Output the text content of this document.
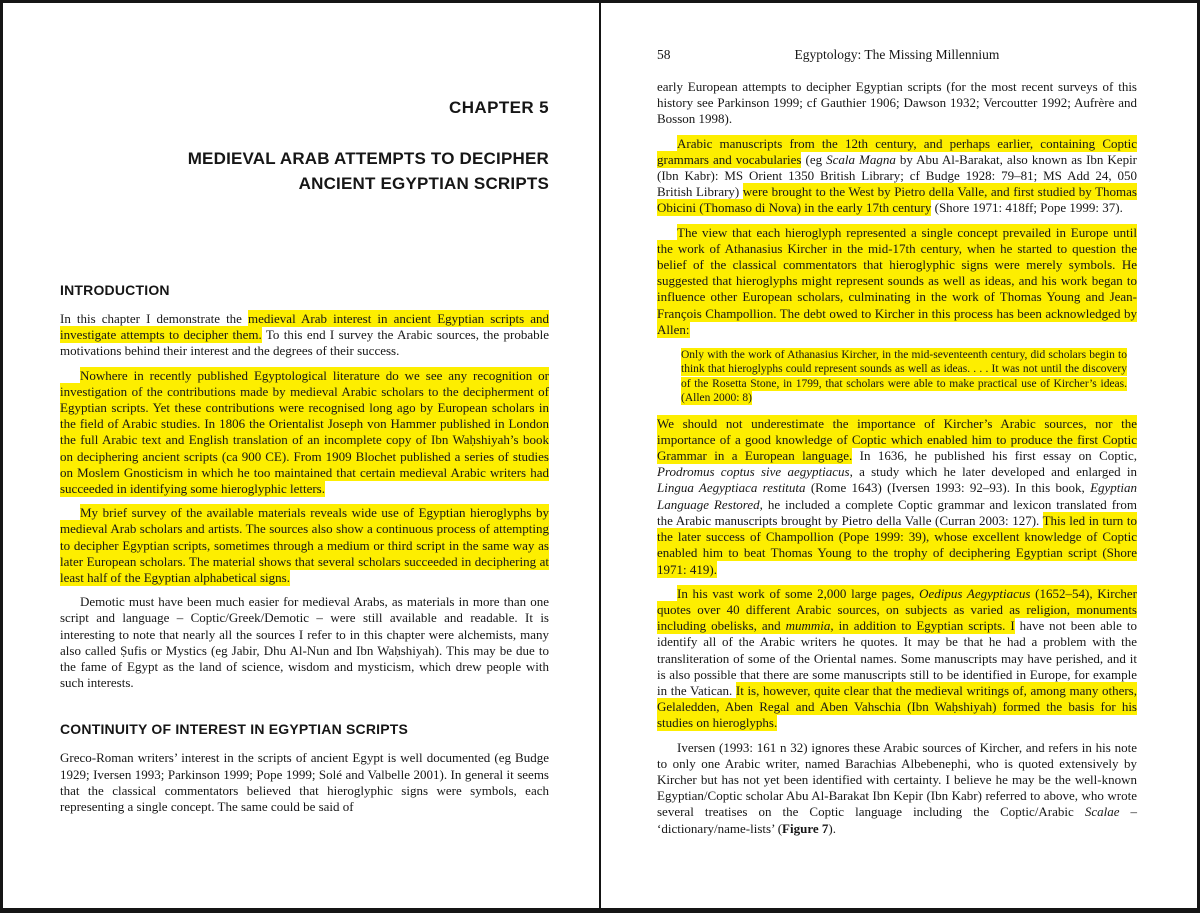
CHAPTER 5
MEDIEVAL ARAB ATTEMPTS TO DECIPHER
ANCIENT EGYPTIAN SCRIPTS
INTRODUCTION

In this chapter I demonstrate the medieval Arab interest in ancient Egyptian scripts and investigate attempts to decipher them. To this end I survey the Arabic sources, the probable motivations behind their interest and the degrees of their success.

Nowhere in recently published Egyptological literature do we see any recognition or investigation of the contributions made by medieval Arabic scholars to the decipherment of Egyptian scripts. Yet these contributions were recognised long ago by European scholars in the field of Arabic studies. In 1806 the Orientalist Joseph von Hammer published in London the full Arabic text and English translation of an incomplete copy of Ibn Waḥshiyah’s book on deciphering ancient scripts (ca 900 CE). From 1909 Blochet published a series of studies on Moslem Gnosticism in which he too maintained that certain medieval Arabic writers had succeeded in identifying some hieroglyphic letters.

My brief survey of the available materials reveals wide use of Egyptian hieroglyphs by medieval Arab scholars and artists. The sources also show a continuous process of attempting to decipher Egyptian scripts, sometimes through a medium or third script in the same way as later European scholars. The material shows that several scholars succeeded in deciphering at least half of the Egyptian alphabetical signs.

Demotic must have been much easier for medieval Arabs, as materials in more than one script and language – Coptic/Greek/Demotic – were still available and readable. It is interesting to note that nearly all the sources I refer to in this chapter were alchemists, many also called Ṣufis or Mystics (eg Jabir, Dhu Al-Nun and Ibn Waḥshiyah). This may be due to the fame of Egypt as the land of science, wisdom and mysticism, which drew people with such interests.

CONTINUITY OF INTEREST IN EGYPTIAN SCRIPTS

Greco-Roman writers’ interest in the scripts of ancient Egypt is well documented (eg Budge 1929; Iversen 1993; Parkinson 1999; Pope 1999; Solé and Valbelle 2001). In general it seems that the classical commentators believed that hieroglyphic signs were symbols, each representing a single concept. The same could be said of

58	Egyptology: The Missing Millennium

early European attempts to decipher Egyptian scripts (for the most recent surveys of this history see Parkinson 1999; cf Gauthier 1906; Dawson 1932; Vercoutter 1992; Aufrère and Bosson 1998).

Arabic manuscripts from the 12th century, and perhaps earlier, containing Coptic grammars and vocabularies (eg Scala Magna by Abu Al-Barakat, also known as Ibn Kepir (Ibn Kabr): MS Orient 1350 British Library; cf Budge 1928: 79–81; MS Add 24, 050 British Library) were brought to the West by Pietro della Valle, and first studied by Thomas Obicini (Thomaso di Nova) in the early 17th century (Shore 1971: 418ff; Pope 1999: 37).

The view that each hieroglyph represented a single concept prevailed in Europe until the work of Athanasius Kircher in the mid-17th century, when he started to question the belief of the classical commentators that hieroglyphic signs were merely symbols. He suggested that hieroglyphs might represent sounds as well as ideas, and his work began to influence other European scholars, culminating in the work of Thomas Young and Jean-François Champollion. The debt owed to Kircher in this process has been acknowledged by Allen:

Only with the work of Athanasius Kircher, in the mid-seventeenth century, did scholars begin to think that hieroglyphs could represent sounds as well as ideas. . . . It was not until the discovery of the Rosetta Stone, in 1799, that scholars were able to make practical use of Kircher’s ideas. (Allen 2000: 8)

We should not underestimate the importance of Kircher’s Arabic sources, nor the importance of a good knowledge of Coptic which enabled him to produce the first Coptic Grammar in a European language. In 1636, he published his first essay on Coptic, Prodromus coptus sive aegyptiacus, a study which he later developed and enlarged in Lingua Aegyptiaca restituta (Rome 1643) (Iversen 1993: 92–93). In this book, Egyptian Language Restored, he included a complete Coptic grammar and lexicon translated from the Arabic manuscripts brought by Pietro della Valle (Curran 2003: 127). This led in turn to the later success of Champollion (Pope 1999: 39), whose excellent knowledge of Coptic enabled him to beat Thomas Young to the trophy of deciphering Egyptian script (Shore 1971: 419).

In his vast work of some 2,000 large pages, Oedipus Aegyptiacus (1652–54), Kircher quotes over 40 different Arabic sources, on subjects as varied as religion, monuments including obelisks, and mummia, in addition to Egyptian scripts. I have not been able to identify all of the Arabic writers he quotes. It may be that he had a problem with the transliteration of some of the Oriental names. Some manuscripts may have perished, and it is also possible that there are some manuscripts still to be identified in Europe, for example in the Vatican. It is, however, quite clear that the medieval writings of, among many others, Gelaledden, Aben Regal and Aben Vahschia (Ibn Waḥshiyah) formed the basis for his studies on hieroglyphs.

Iversen (1993: 161 n 32) ignores these Arabic sources of Kircher, and refers in his note to only one Arabic writer, named Barachias Albebenephi, who is quoted extensively by Kircher but has not yet been identified with certainty. I believe he may be the well-known Egyptian/Coptic scholar Abu Al-Barakat Ibn Kepir (Ibn Kabr) referred to above, who wrote several treatises on the Coptic language including the Coptic/Arabic Scalae – ‘dictionary/name-lists’ (Figure 7).
